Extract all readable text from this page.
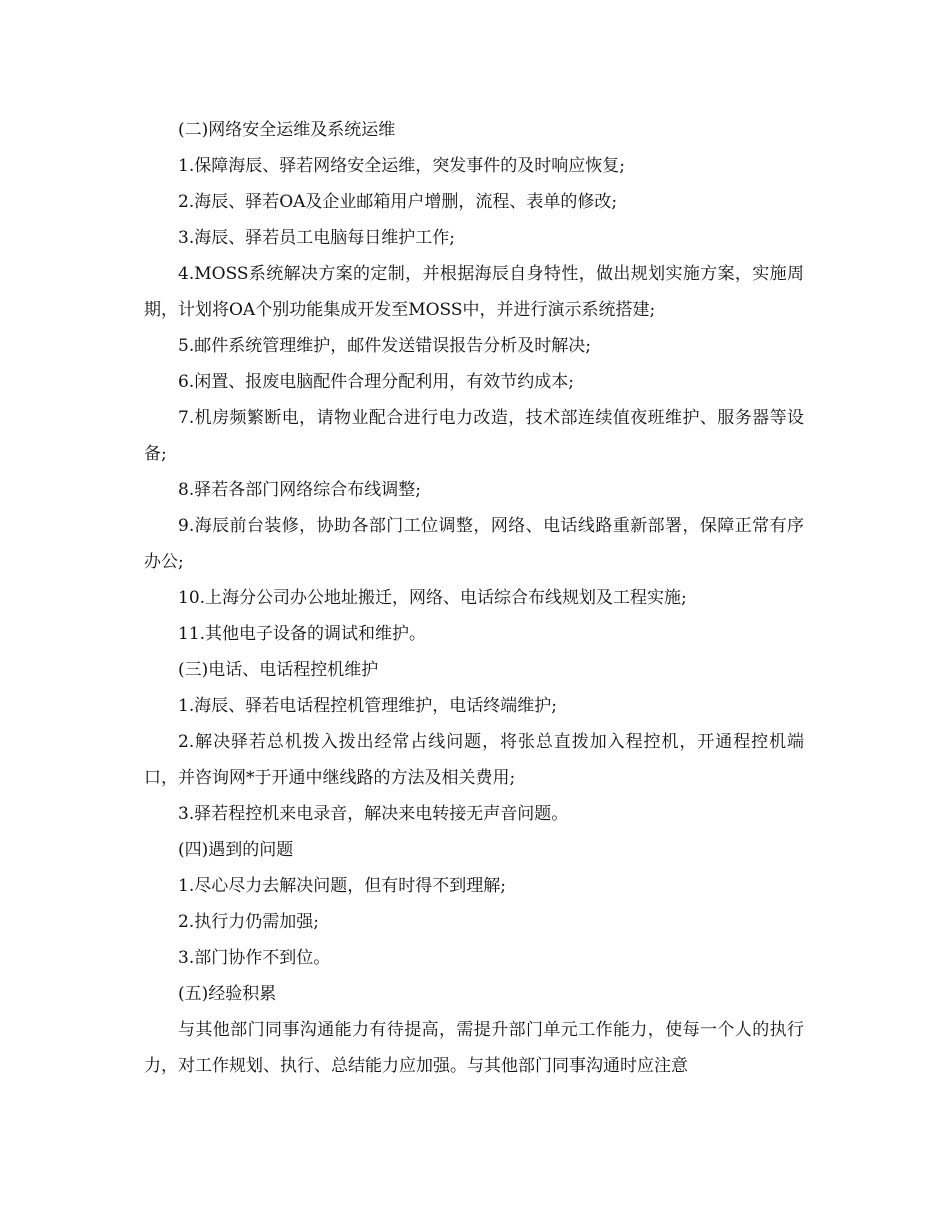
(二)网络安全运维及系统运维

1.保障海辰、驿若网络安全运维，突发事件的及时响应恢复;

2.海辰、驿若OA及企业邮箱用户增删，流程、表单的修改;

3.海辰、驿若员工电脑每日维护工作;

4.MOSS系统解决方案的定制，并根据海辰自身特性，做出规划实施方案，实施周期，计划将OA个别功能集成开发至MOSS中，并进行演示系统搭建;

5.邮件系统管理维护，邮件发送错误报告分析及时解决;

6.闲置、报废电脑配件合理分配利用，有效节约成本;

7.机房频繁断电，请物业配合进行电力改造，技术部连续值夜班维护、服务器等设备;

8.驿若各部门网络综合布线调整;

9.海辰前台装修，协助各部门工位调整，网络、电话线路重新部署，保障正常有序办公;

10.上海分公司办公地址搬迁，网络、电话综合布线规划及工程实施;

11.其他电子设备的调试和维护。

(三)电话、电话程控机维护

1.海辰、驿若电话程控机管理维护，电话终端维护;

2.解决驿若总机拨入拨出经常占线问题，将张总直拨加入程控机，开通程控机端口，并咨询网*于开通中继线路的方法及相关费用;

3.驿若程控机来电录音，解决来电转接无声音问题。

(四)遇到的问题

1.尽心尽力去解决问题，但有时得不到理解;

2.执行力仍需加强;

3.部门协作不到位。

(五)经验积累

与其他部门同事沟通能力有待提高，需提升部门单元工作能力，使每一个人的执行力，对工作规划、执行、总结能力应加强。与其他部门同事沟通时应注意
